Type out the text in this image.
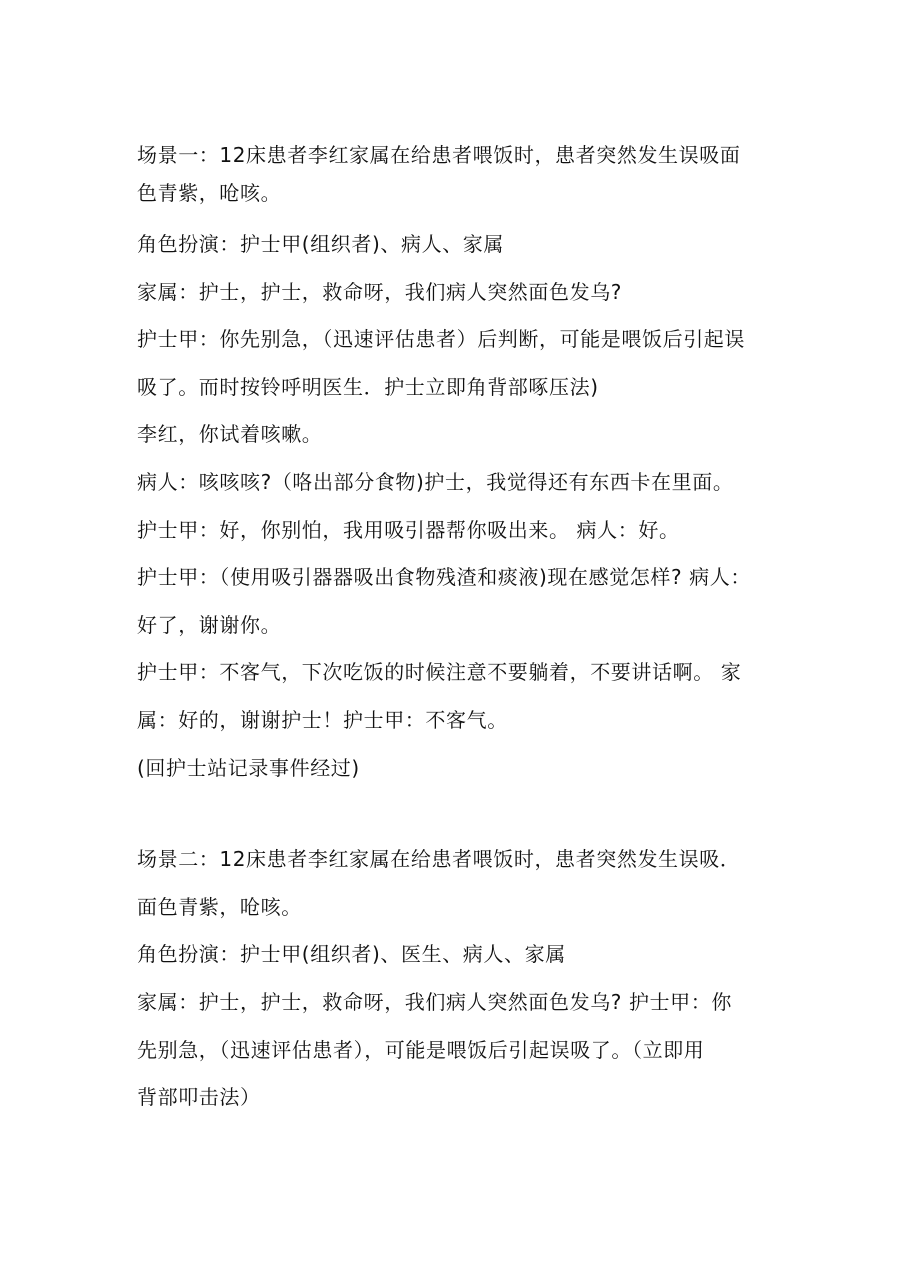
场景一：12床患者李红家属在给患者喂饭时，患者突然发生误吸面
色青紫，呛咳。
角色扮演：护士甲(组织者)、病人、家属
家属：护士，护士，救命呀，我们病人突然面色发乌?
护士甲：你先别急，（迅速评估患者）后判断，可能是喂饭后引起误
吸了。而时按铃呼明医生．护士立即角背部啄压法)
李红，你试着咳嗽。
病人：咳咳咳?（咯出部分食物)护士，我觉得还有东西卡在里面。
护士甲：好，你别怕，我用吸引器帮你吸出来。 病人：好。
护士甲：（使用吸引器器吸出食物残渣和痰液)现在感觉怎样? 病人：
好了，谢谢你。
护士甲：不客气，下次吃饭的时候注意不要躺着，不要讲话啊。 家
属：好的，谢谢护士！护士甲：不客气。
(回护士站记录事件经过)
场景二：12床患者李红家属在给患者喂饭时，患者突然发生误吸．
面色青紫，呛咳。
角色扮演：护士甲(组织者)、医生、病人、家属
家属：护士，护士，救命呀，我们病人突然面色发乌? 护士甲：你
先别急，（迅速评估患者），可能是喂饭后引起误吸了。（立即用
背部叩击法）
